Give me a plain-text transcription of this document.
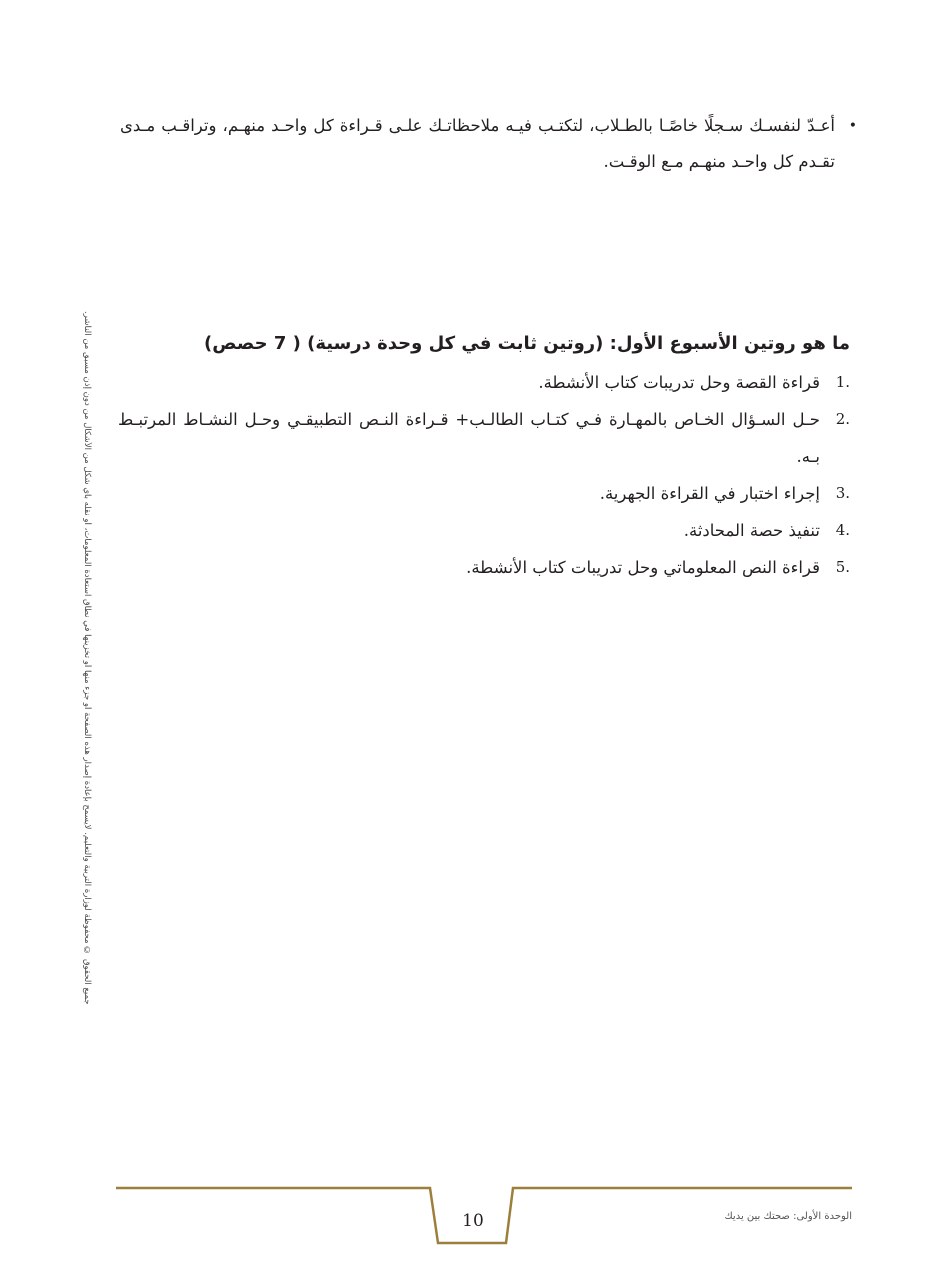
•
أعـدّ لنفسـك سـجلًا خاصًـا بالطـلاب، لتكتـب فيـه ملاحظاتـك علـى قـراءة كل واحـد منهـم، وتراقـب مـدى تقـدم كل واحـد منهـم مـع الوقـت.
جميع الحقوق © محفوظة لوزارة التربية والتعليم. لايسمح بإعادة إصدار هذه الصفحة أو جزء منها أو تخزينها في نطاق استعادة المعلومات، أو نقله بأي شكل من الأشكال من دون إذن مسبق من الناشر.	ما هو روتين الأسبوع الأول: (روتين ثابت في كل وحدة درسية) ( 7 حصص)
1.
قراءة القصة وحل تدريبات كتاب الأنشطة.
2.
حـل السـؤال الخـاص بالمهـارة فـي كتـاب الطالـب+ قـراءة النـص التطبيقـي وحـل النشـاط المرتبـط بـه.
3.
إجراء اختبار في القراءة الجهرية.
4.
تنفيذ حصة المحادثة.
5.
قراءة النص المعلوماتي وحل تدريبات كتاب الأنشطة.
10	الوحدة الأولى: صحتك بين يديك
